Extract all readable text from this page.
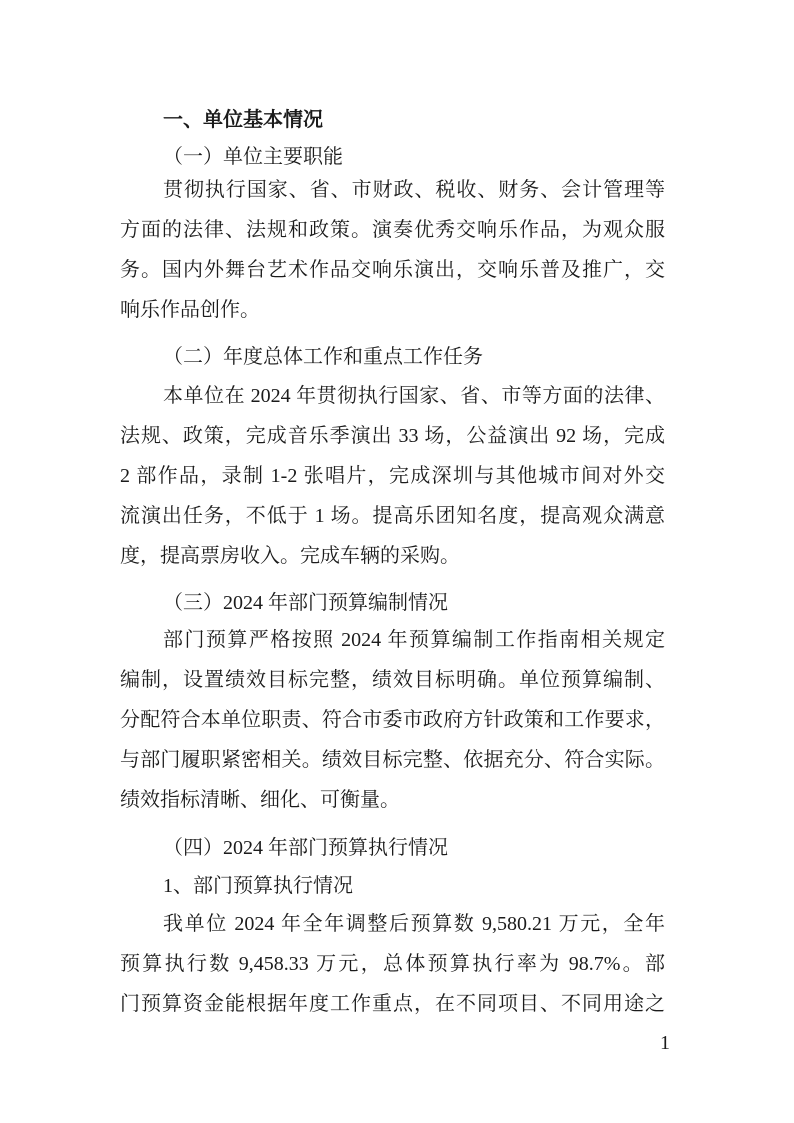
一、单位基本情况
（一）单位主要职能
贯彻执行国家、省、市财政、税收、财务、会计管理等
方面的法律、法规和政策。演奏优秀交响乐作品，为观众服
务。国内外舞台艺术作品交响乐演出，交响乐普及推广，交
响乐作品创作。
（二）年度总体工作和重点工作任务
本单位在 2024 年贯彻执行国家、省、市等方面的法律、
法规、政策，完成音乐季演出 33 场，公益演出 92 场，完成
2 部作品，录制 1-2 张唱片，完成深圳与其他城市间对外交
流演出任务，不低于 1 场。提高乐团知名度，提高观众满意
度，提高票房收入。完成车辆的采购。
（三）2024 年部门预算编制情况
部门预算严格按照 2024 年预算编制工作指南相关规定
编制，设置绩效目标完整，绩效目标明确。单位预算编制、
分配符合本单位职责、符合市委市政府方针政策和工作要求，
与部门履职紧密相关。绩效目标完整、依据充分、符合实际。
绩效指标清晰、细化、可衡量。
（四）2024 年部门预算执行情况
1、部门预算执行情况
我单位 2024 年全年调整后预算数 9,580.21 万元，全年
预算执行数 9,458.33 万元，总体预算执行率为 98.7%。部
门预算资金能根据年度工作重点，在不同项目、不同用途之
1
